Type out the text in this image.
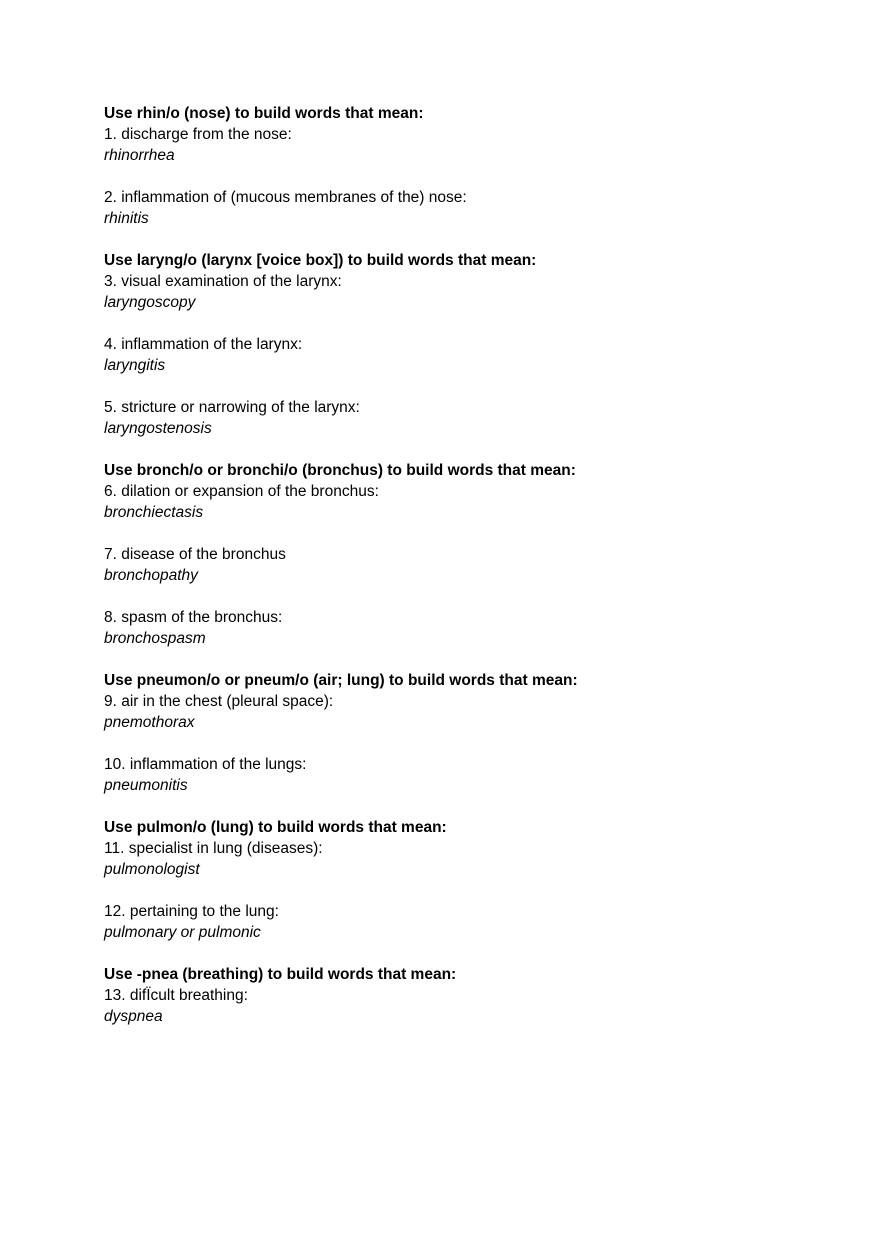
Use rhin/o (nose) to build words that mean:
1. discharge from the nose:
rhinorrhea
2. inflammation of (mucous membranes of the) nose:
rhinitis
Use laryng/o (larynx [voice box]) to build words that mean:
3. visual examination of the larynx:
laryngoscopy
4. inflammation of the larynx:
laryngitis
5. stricture or narrowing of the larynx:
laryngostenosis
Use bronch/o or bronchi/o (bronchus) to build words that mean:
6. dilation or expansion of the bronchus:
bronchiectasis
7. disease of the bronchus
bronchopathy
8. spasm of the bronchus:
bronchospasm
Use pneumon/o or pneum/o (air; lung) to build words that mean:
9. air in the chest (pleural space):
pnemothorax
10. inflammation of the lungs:
pneumonitis
Use pulmon/o (lung) to build words that mean:
11. specialist in lung (diseases):
pulmonologist
12. pertaining to the lung:
pulmonary or pulmonic
Use -pnea (breathing) to build words that mean:
13. difÏcult breathing:
dyspnea
